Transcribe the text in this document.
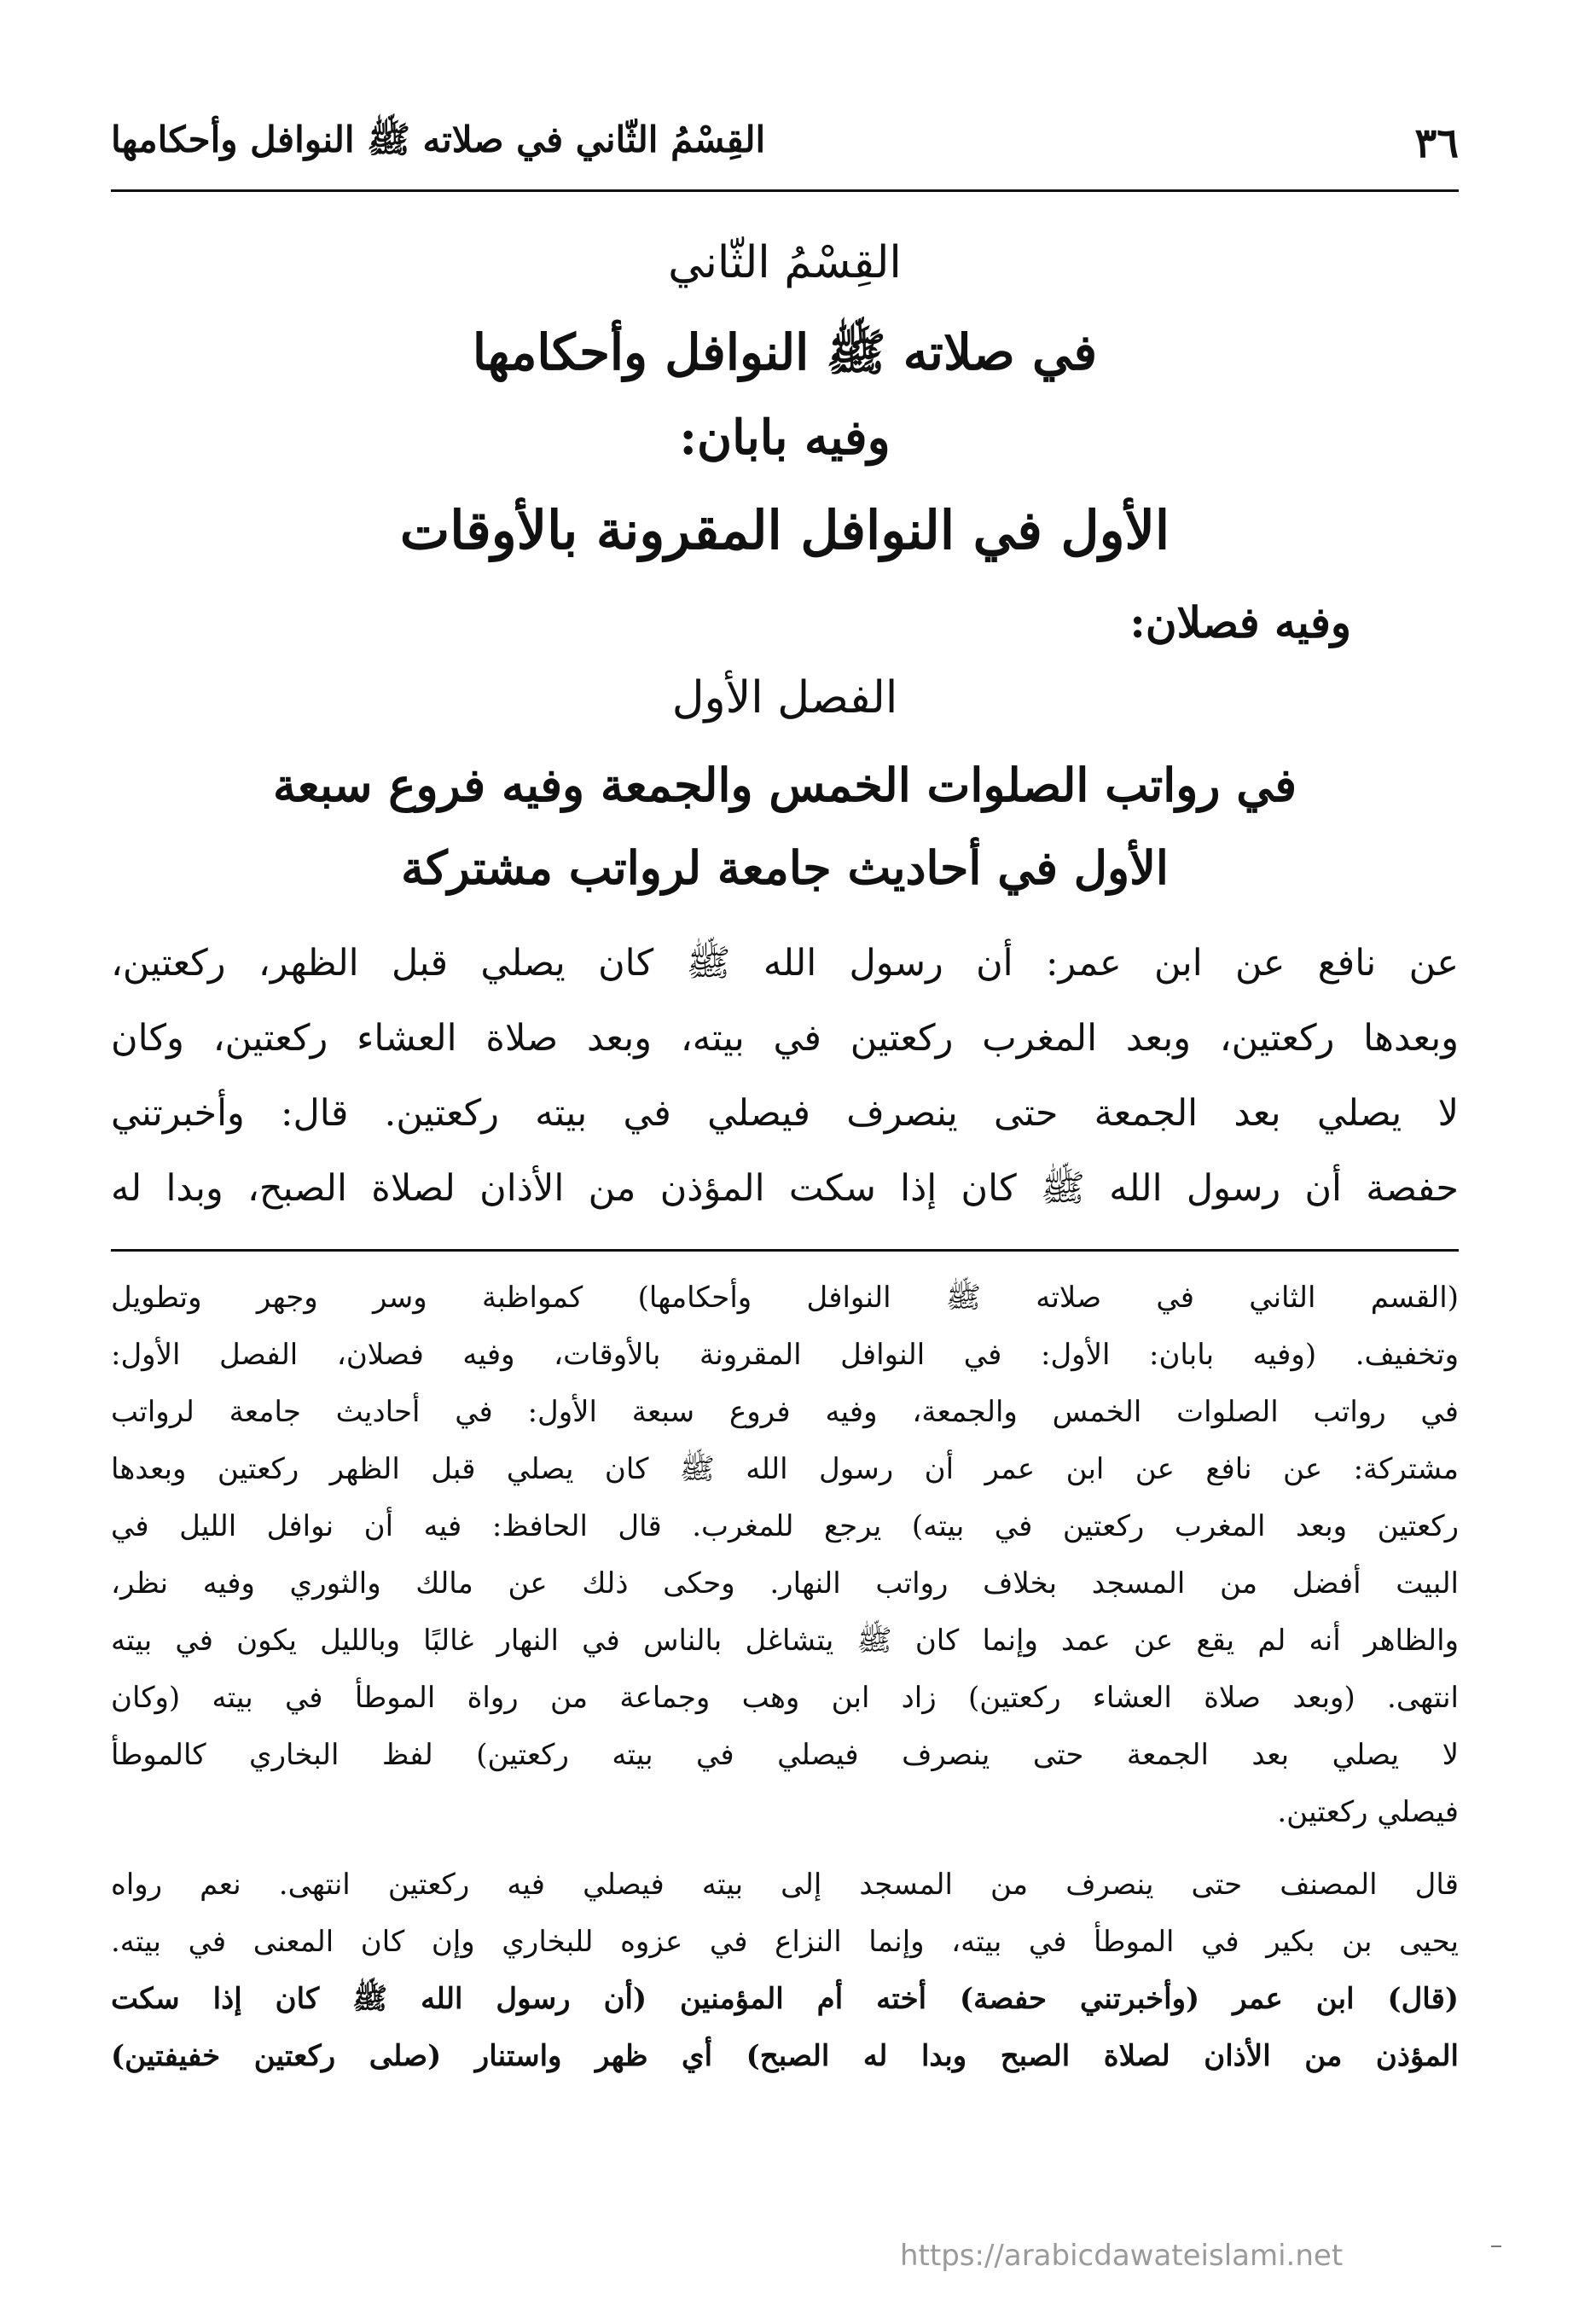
٣٦
القِسْمُ الثّاني في صلاته ﷺ النوافل وأحكامها
القِسْمُ الثّاني
في صلاته ﷺ النوافل وأحكامها
وفيه بابان:
الأول في النوافل المقرونة بالأوقات
وفيه فصلان:
الفصل الأول
في رواتب الصلوات الخمس والجمعة وفيه فروع سبعة
الأول في أحاديث جامعة لرواتب مشتركة
عن نافع عن ابن عمر: أن رسول الله ﷺ كان يصلي قبل الظهر، ركعتين،
وبعدها ركعتين، وبعد المغرب ركعتين في بيته، وبعد صلاة العشاء ركعتين، وكان
لا يصلي بعد الجمعة حتى ينصرف فيصلي في بيته ركعتين. قال: وأخبرتني
حفصة أن رسول الله ﷺ كان إذا سكت المؤذن من الأذان لصلاة الصبح، وبدا له
(القسم الثاني في صلاته ﷺ النوافل وأحكامها) كمواظبة وسر وجهر وتطويل
وتخفيف. (وفيه بابان: الأول: في النوافل المقرونة بالأوقات، وفيه فصلان، الفصل الأول:
في رواتب الصلوات الخمس والجمعة، وفيه فروع سبعة الأول: في أحاديث جامعة لرواتب
مشتركة: عن نافع عن ابن عمر أن رسول الله ﷺ كان يصلي قبل الظهر ركعتين وبعدها
ركعتين وبعد المغرب ركعتين في بيته) يرجع للمغرب. قال الحافظ: فيه أن نوافل الليل في
البيت أفضل من المسجد بخلاف رواتب النهار. وحكى ذلك عن مالك والثوري وفيه نظر،
والظاهر أنه لم يقع عن عمد وإنما كان ﷺ يتشاغل بالناس في النهار غالبًا وبالليل يكون في بيته
انتهى. (وبعد صلاة العشاء ركعتين) زاد ابن وهب وجماعة من رواة الموطأ في بيته (وكان
لا يصلي بعد الجمعة حتى ينصرف فيصلي في بيته ركعتين) لفظ البخاري كالموطأ
فيصلي ركعتين.
قال المصنف حتى ينصرف من المسجد إلى بيته فيصلي فيه ركعتين انتهى. نعم رواه
يحيى بن بكير في الموطأ في بيته، وإنما النزاع في عزوه للبخاري وإن كان المعنى في بيته.
(قال) ابن عمر (وأخبرتني حفصة) أخته أم المؤمنين (أن رسول الله ﷺ كان إذا سكت
المؤذن من الأذان لصلاة الصبح وبدا له الصبح) أي ظهر واستنار (صلى ركعتين خفيفتين)
https://arabicdawateislami.net
